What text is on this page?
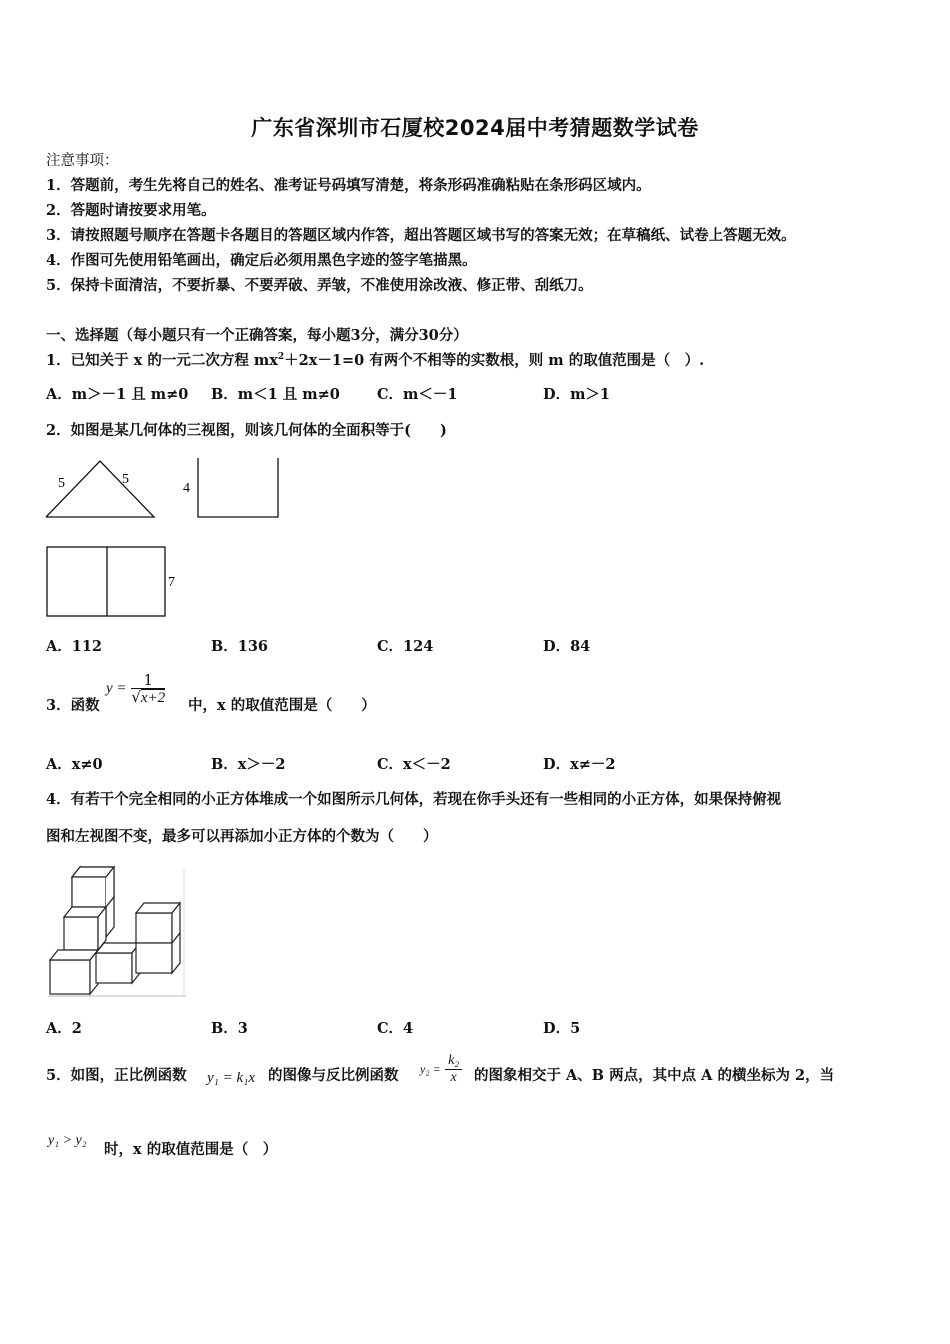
广东省深圳市石厦校2024届中考猜题数学试卷
注意事项：
1．答题前，考生先将自己的姓名、准考证号码填写清楚，将条形码准确粘贴在条形码区域内。
2．答题时请按要求用笔。
3．请按照题号顺序在答题卡各题目的答题区域内作答，超出答题区域书写的答案无效；在草稿纸、试卷上答题无效。
4．作图可先使用铅笔画出，确定后必须用黑色字迹的签字笔描黑。
5．保持卡面清洁，不要折暴、不要弄破、弄皱，不准使用涂改液、修正带、刮纸刀。
一、选择题（每小题只有一个正确答案，每小题3分，满分30分）
1．已知关于 x 的一元二次方程 $mx^2+2x-1=0$ 有两个不相等的实数根，则 m 的取值范围是（　）.
A．m＞－1 且 m≠0 B．m＜1 且 m≠0	C．m＜－1	D．m＞1
2．如图是某几何体的三视图，则该几何体的全面积等于(　　)
5	5
4
7
A．112	B．136	C．124	D．84
3．函数
$y = \frac{1}{√x+2}$ 中，x 的取值范围是（　　）
A．x≠0	B．x＞－2	C．x＜－2	D．x≠－2
4．有若干个完全相同的小正方体堆成一个如图所示几何体，若现在你手头还有一些相同的小正方体，如果保持俯视
图和左视图不变，最多可以再添加小正方体的个数为（　　）
A．2	B．3	C．4	D．5
5．如图，正比例函数 y₁ = k₁x 的图像与反比例函数 $y_2 = \frac{\text{k₂}}{x}$ 的图象相交于 A、B 两点，其中点 A 的横坐标为 2，当
y₁ > y₂
时，x 的取值范围是（　）
